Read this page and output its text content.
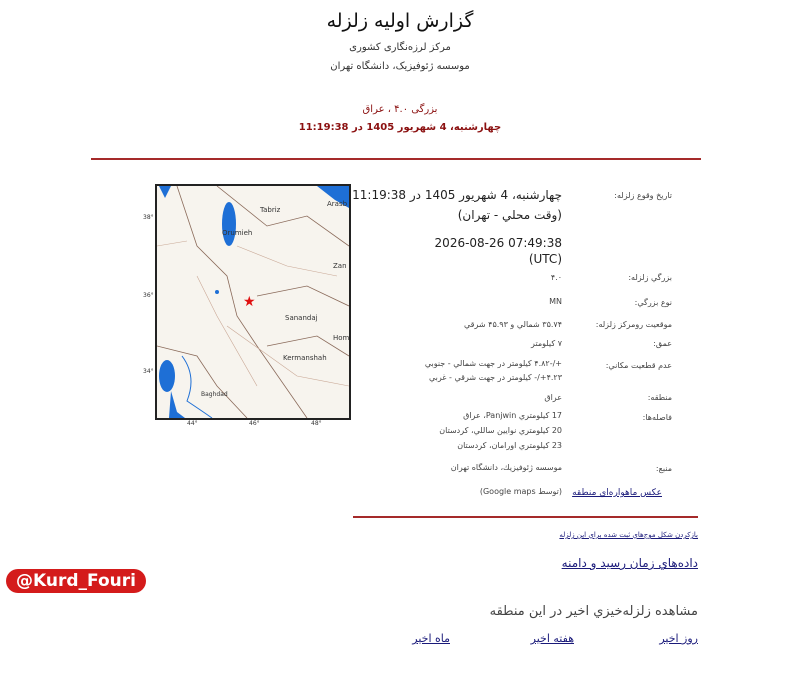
گزارش اولیه زلزله
مرکز لرزه‌نگاری کشوری
موسسه ژئوفیزیک، دانشگاه تهران
بزرگی ۴.۰ ، عراق
چهارشنبه، 4 شهریور 1405 در 11:19:38
Tabriz
Orumieh
Arasb
Zan
Sanandaj
Hom
Kermanshah
Baghdad
★
44°	46°	48°
38°
36°
34°
تاریخ وقوع زلزله:
چهارشنبه، 4 شهریور 1405 در 11:19:38
(وقت محلي - تهران)
2026-08-26 07:49:38
(UTC)
بزرگي زلزله:
۴.۰
نوع بزرگي:
MN
موقعيت رومركز زلزله:
۳۵.۷۴ شمالي و ۴۵.۹۳ شرقي
عمق:
۷ كيلومتر
عدم قطعيت مكاني:
+/-۴.۸۲ كيلومتر در جهت شمالي - جنوبي
۴.۲۳+/- كيلومتر در جهت شرقي - غربي
منطقه:
عراق
فاصله‌ها:
17 كيلومتري Panjwin، عراق
20 كيلومتري نوايين ساللي، كردستان
23 كيلومتري اورامان، كردستان
منبع:
موسسه ژئوفيزيك، دانشگاه تهران
عكس ماهواره‌اي منطقه
(توسط Google maps)
بازكردن شكل موج‌هاي ثبت شده براي اين زلزله
داده‌هاي زمان رسيد و دامنه
مشاهده زلزله‌خيزي اخير در اين منطقه
روز اخير
هفته اخير
ماه اخير
@Kurd_Fouri
